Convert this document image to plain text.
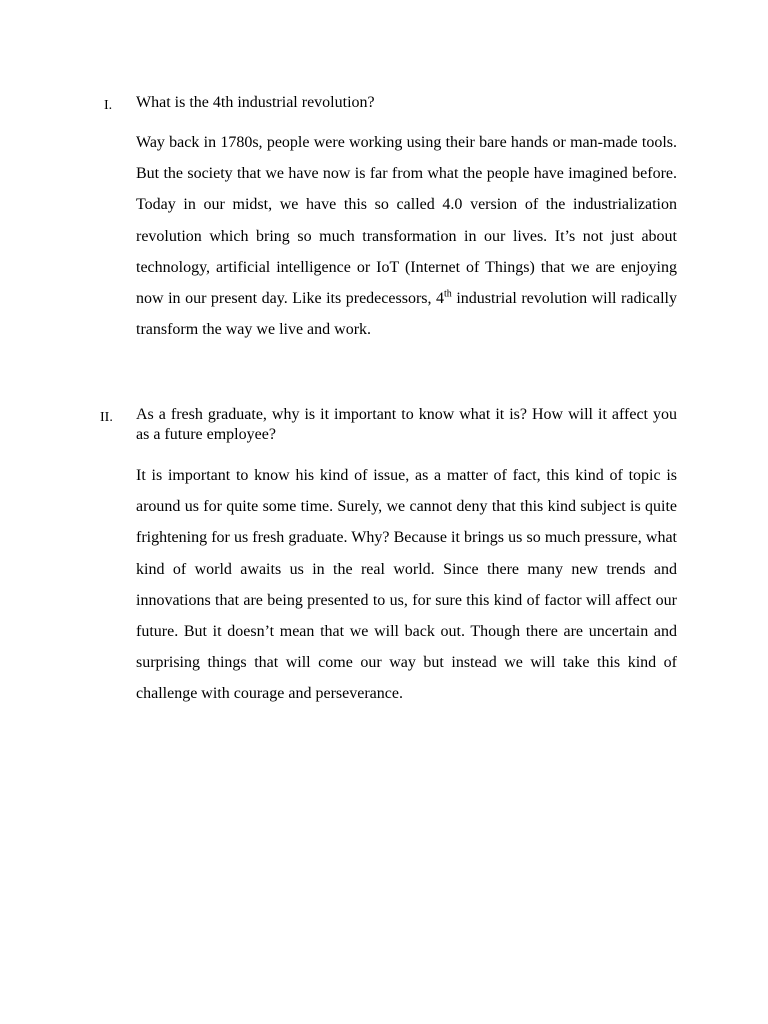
I. What is the 4th industrial revolution?
Way back in 1780s, people were working using their bare hands or man-made tools. But the society that we have now is far from what the people have imagined before. Today in our midst, we have this so called 4.0 version of the industrialization revolution which bring so much transformation in our lives. It’s not just about technology, artificial intelligence or IoT (Internet of Things) that we are enjoying now in our present day. Like its predecessors, 4th industrial revolution will radically transform the way we live and work.
II. As a fresh graduate, why is it important to know what it is? How will it affect you as a future employee?
It is important to know his kind of issue, as a matter of fact, this kind of topic is around us for quite some time. Surely, we cannot deny that this kind subject is quite frightening for us fresh graduate. Why? Because it brings us so much pressure, what kind of world awaits us in the real world. Since there many new trends and innovations that are being presented to us, for sure this kind of factor will affect our future. But it doesn’t mean that we will back out. Though there are uncertain and surprising things that will come our way but instead we will take this kind of challenge with courage and perseverance.
